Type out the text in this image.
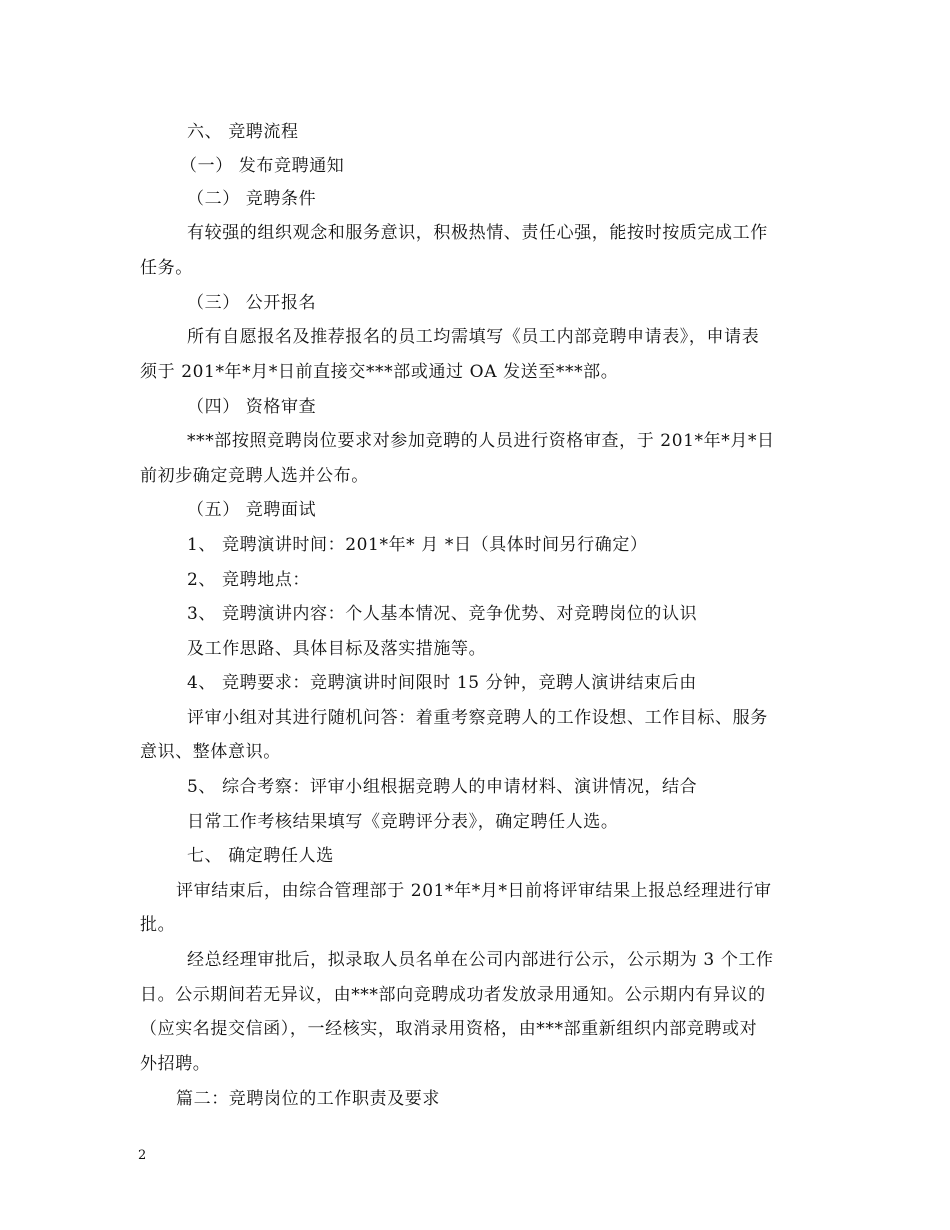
六、 竞聘流程
（一） 发布竞聘通知
（二） 竞聘条件
有较强的组织观念和服务意识，积极热情、责任心强，能按时按质完成工作
任务。
（三） 公开报名
所有自愿报名及推荐报名的员工均需填写《员工内部竞聘申请表》，申请表
须于 201*年*月*日前直接交***部或通过 OA 发送至***部。
（四） 资格审查
***部按照竞聘岗位要求对参加竞聘的人员进行资格审查，于 201*年*月*日
前初步确定竞聘人选并公布。
（五） 竞聘面试
1、 竞聘演讲时间：201*年* 月 *日（具体时间另行确定）
2、 竞聘地点：
3、 竞聘演讲内容：个人基本情况、竞争优势、对竞聘岗位的认识
及工作思路、具体目标及落实措施等。
4、 竞聘要求：竞聘演讲时间限时 15 分钟，竞聘人演讲结束后由
评审小组对其进行随机问答：着重考察竞聘人的工作设想、工作目标、服务
意识、整体意识。
5、 综合考察：评审小组根据竞聘人的申请材料、演讲情况，结合
日常工作考核结果填写《竞聘评分表》，确定聘任人选。
七、 确定聘任人选
评审结束后，由综合管理部于 201*年*月*日前将评审结果上报总经理进行审
批。
经总经理审批后，拟录取人员名单在公司内部进行公示，公示期为 3 个工作
日。公示期间若无异议，由***部向竞聘成功者发放录用通知。公示期内有异议的
（应实名提交信函），一经核实，取消录用资格，由***部重新组织内部竞聘或对
外招聘。
篇二：竞聘岗位的工作职责及要求
2
